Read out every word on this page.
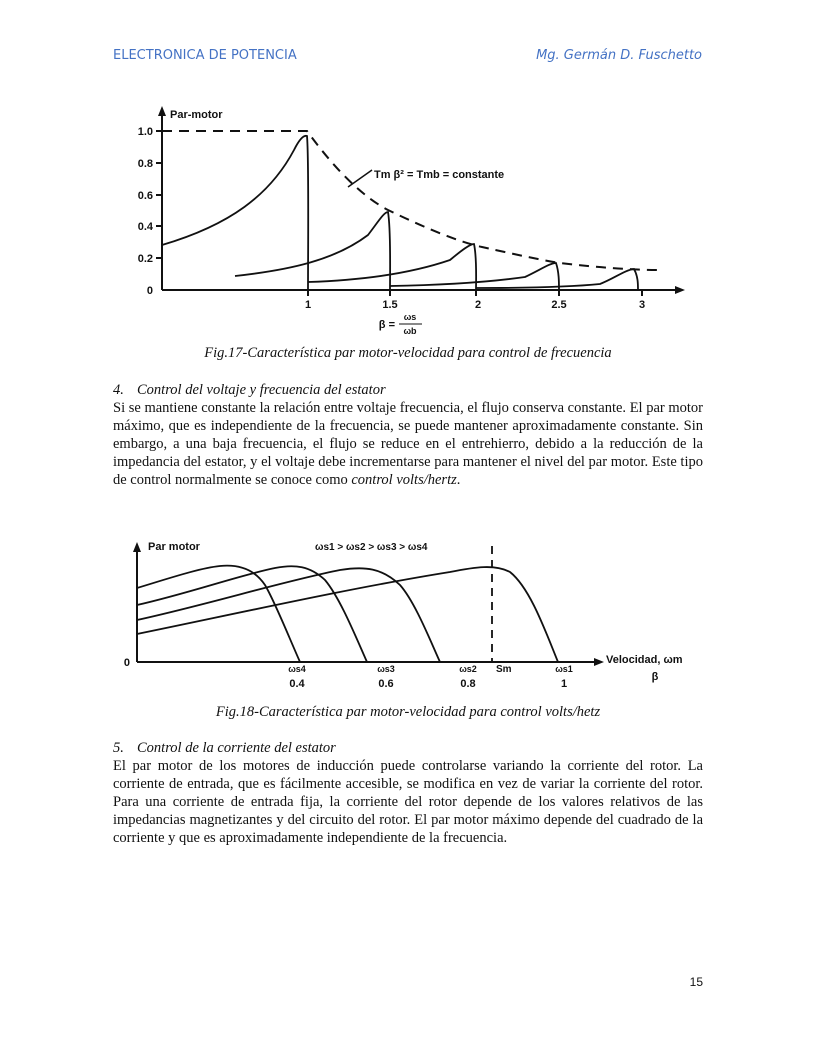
ELECTRONICA DE POTENCIA	Mg. Germán D. Fuschetto
Par-motor
1.0
0.8
0.6
0.4
0.2
0
1	1.5	2	2.5	3
β =
ωs
ωb
Tm β² = Tmb = constante
Fig.17-Característica par motor-velocidad para control de frecuencia
4. Control del voltaje y frecuencia del estator
Si se mantiene constante la relación entre voltaje frecuencia, el flujo conserva constante. El par motor máximo, que es independiente de la frecuencia, se puede mantener aproximadamente constante. Sin embargo, a una baja frecuencia, el flujo se reduce en el entrehierro, debido a la reducción de la impedancia del estator, y el voltaje debe incrementarse para mantener el nivel del par motor. Este tipo de control normalmente se conoce como control volts/hertz.
Par motor	ωs1 > ωs2 > ωs3 > ωs4
0	Velocidad, ωm
β
Sm
ωs4	ωs3	ωs2	ωs1
0.4	0.6	0.8	1
Fig.18-Característica par motor-velocidad para control volts/hetz
5. Control de la corriente del estator
El par motor de los motores de inducción puede controlarse variando la corriente del rotor. La corriente de entrada, que es fácilmente accesible, se modifica en vez de variar la corriente del rotor. Para una corriente de entrada fija, la corriente del rotor depende de los valores relativos de las impedancias magnetizantes y del circuito del rotor. El par motor máximo depende del cuadrado de la corriente y que es aproximadamente independiente de la frecuencia.
15
